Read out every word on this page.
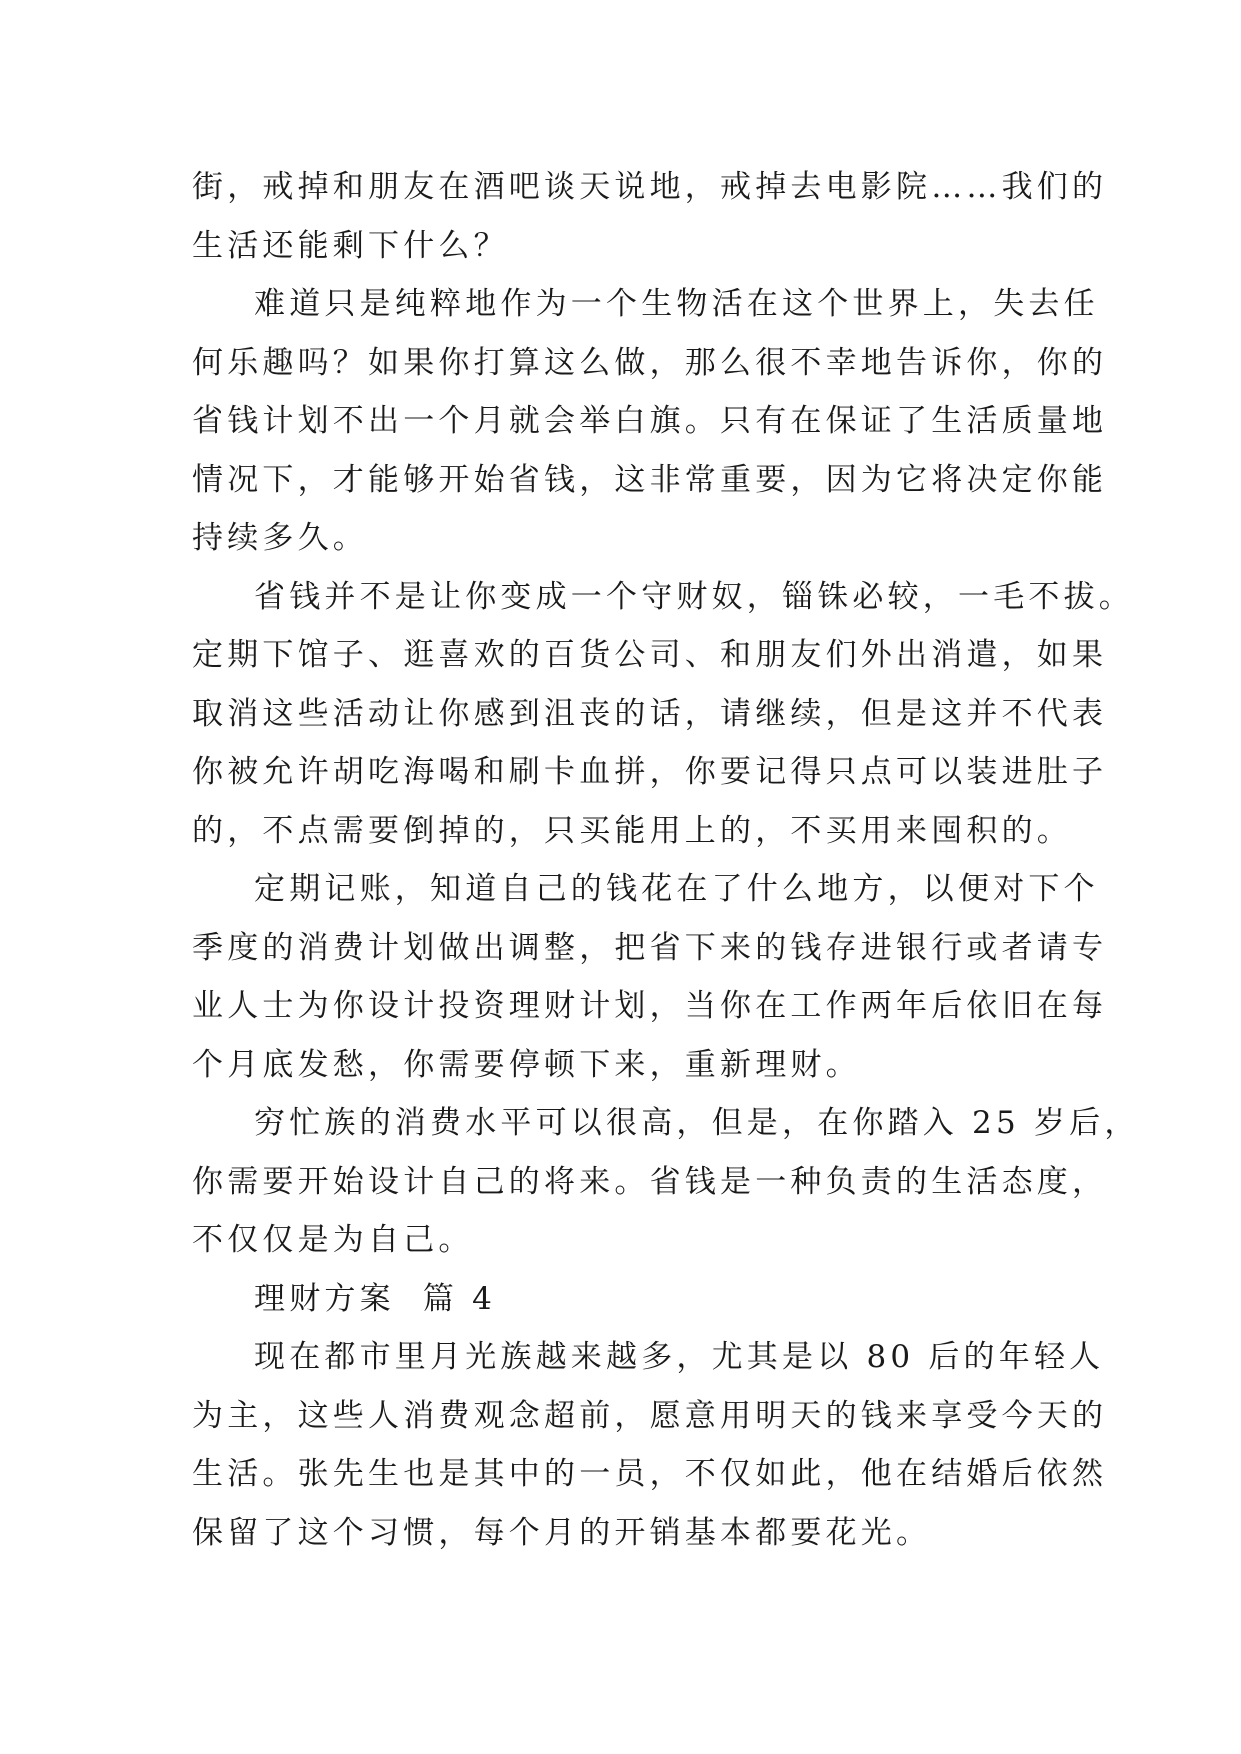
街，戒掉和朋友在酒吧谈天说地，戒掉去电影院……我们的
生活还能剩下什么？

难道只是纯粹地作为一个生物活在这个世界上，失去任
何乐趣吗？如果你打算这么做，那么很不幸地告诉你，你的
省钱计划不出一个月就会举白旗。只有在保证了生活质量地
情况下，才能够开始省钱，这非常重要，因为它将决定你能
持续多久。

省钱并不是让你变成一个守财奴，锱铢必较，一毛不拔。
定期下馆子、逛喜欢的百货公司、和朋友们外出消遣，如果
取消这些活动让你感到沮丧的话，请继续，但是这并不代表
你被允许胡吃海喝和刷卡血拼，你要记得只点可以装进肚子
的，不点需要倒掉的，只买能用上的，不买用来囤积的。

定期记账，知道自己的钱花在了什么地方，以便对下个
季度的消费计划做出调整，把省下来的钱存进银行或者请专
业人士为你设计投资理财计划，当你在工作两年后依旧在每
个月底发愁，你需要停顿下来，重新理财。

穷忙族的消费水平可以很高，但是，在你踏入 25 岁后，
你需要开始设计自己的将来。省钱是一种负责的生活态度，
不仅仅是为自己。

理财方案  篇 4

现在都市里月光族越来越多，尤其是以 80 后的年轻人
为主，这些人消费观念超前，愿意用明天的钱来享受今天的
生活。张先生也是其中的一员，不仅如此，他在结婚后依然
保留了这个习惯，每个月的开销基本都要花光。
